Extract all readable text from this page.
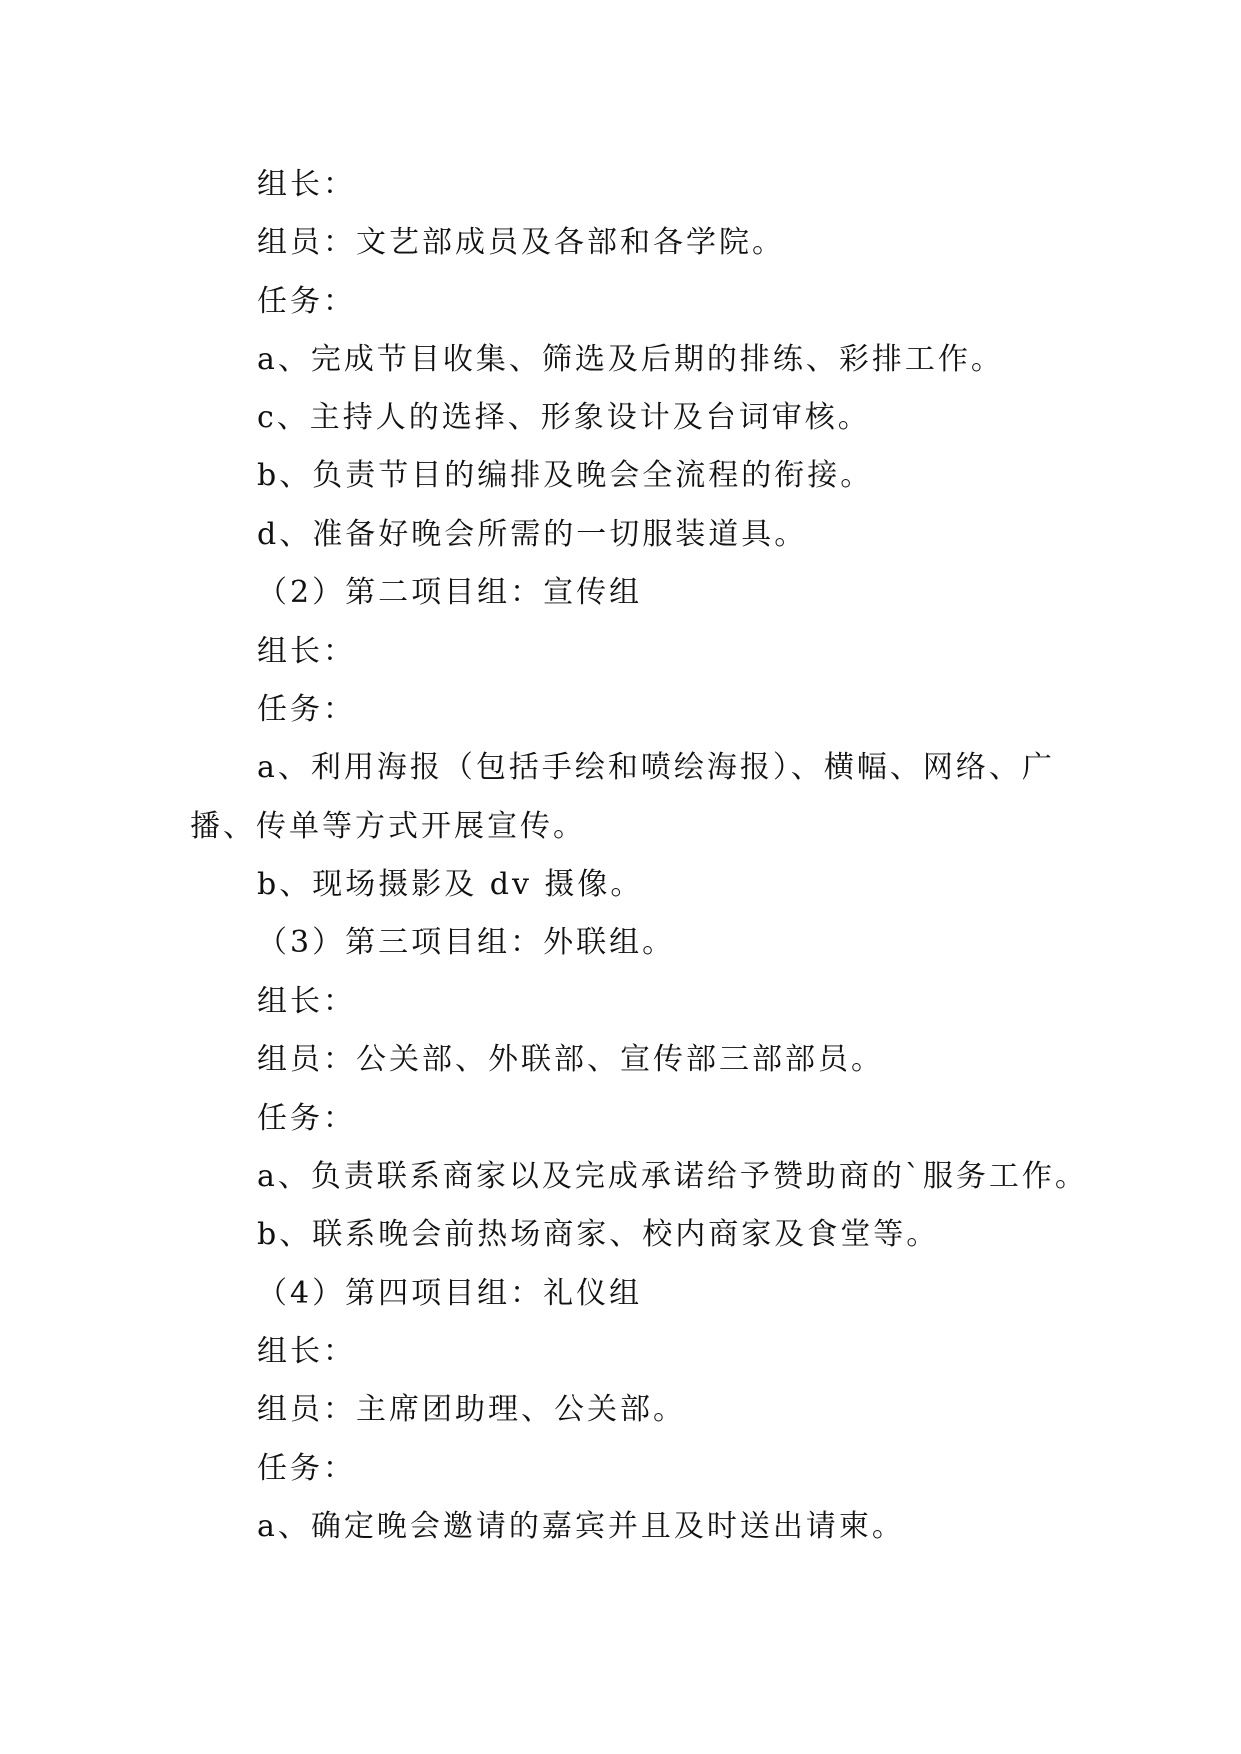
组长：
组员：文艺部成员及各部和各学院。
任务：
a、完成节目收集、筛选及后期的排练、彩排工作。
c、主持人的选择、形象设计及台词审核。
b、负责节目的编排及晚会全流程的衔接。
d、准备好晚会所需的一切服装道具。
（2）第二项目组：宣传组
组长：
任务：
a、利用海报（包括手绘和喷绘海报）、横幅、网络、广
播、传单等方式开展宣传。
b、现场摄影及 dv 摄像。
（3）第三项目组：外联组。
组长：
组员：公关部、外联部、宣传部三部部员。
任务：
a、负责联系商家以及完成承诺给予赞助商的`服务工作。
b、联系晚会前热场商家、校内商家及食堂等。
（4）第四项目组：礼仪组
组长：
组员：主席团助理、公关部。
任务：
a、确定晚会邀请的嘉宾并且及时送出请柬。
